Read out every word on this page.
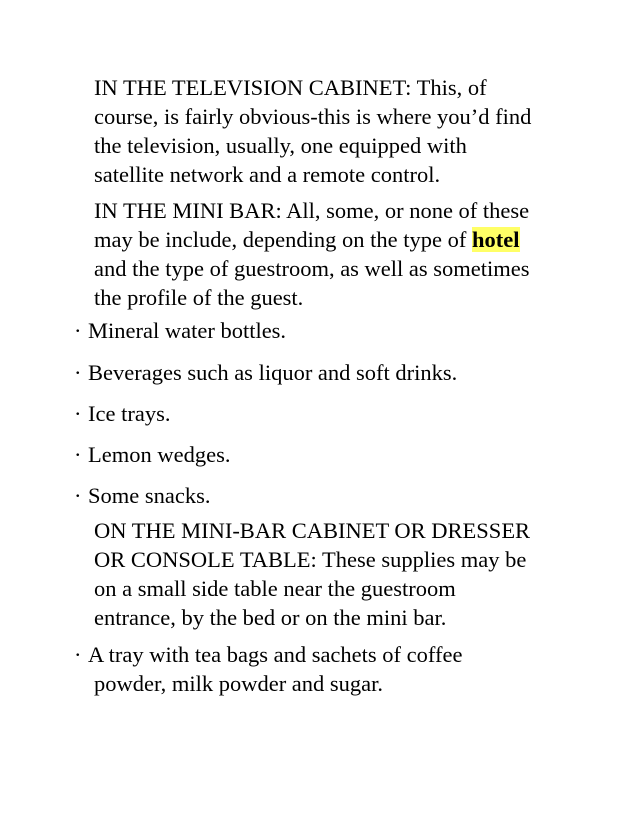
IN THE TELEVISION CABINET: This, of
course, is fairly obvious-this is where you’d find
the television, usually, one equipped with
satellite network and a remote control.
IN THE MINI BAR: All, some, or none of these
may be include, depending on the type of hotel
and the type of guestroom, as well as sometimes
the profile of the guest.
· Mineral water bottles.
· Beverages such as liquor and soft drinks.
· Ice trays.
· Lemon wedges.
· Some snacks.
ON THE MINI-BAR CABINET OR DRESSER
OR CONSOLE TABLE: These supplies may be
on a small side table near the guestroom
entrance, by the bed or on the mini bar.
· A tray with tea bags and sachets of coffee
powder, milk powder and sugar.
